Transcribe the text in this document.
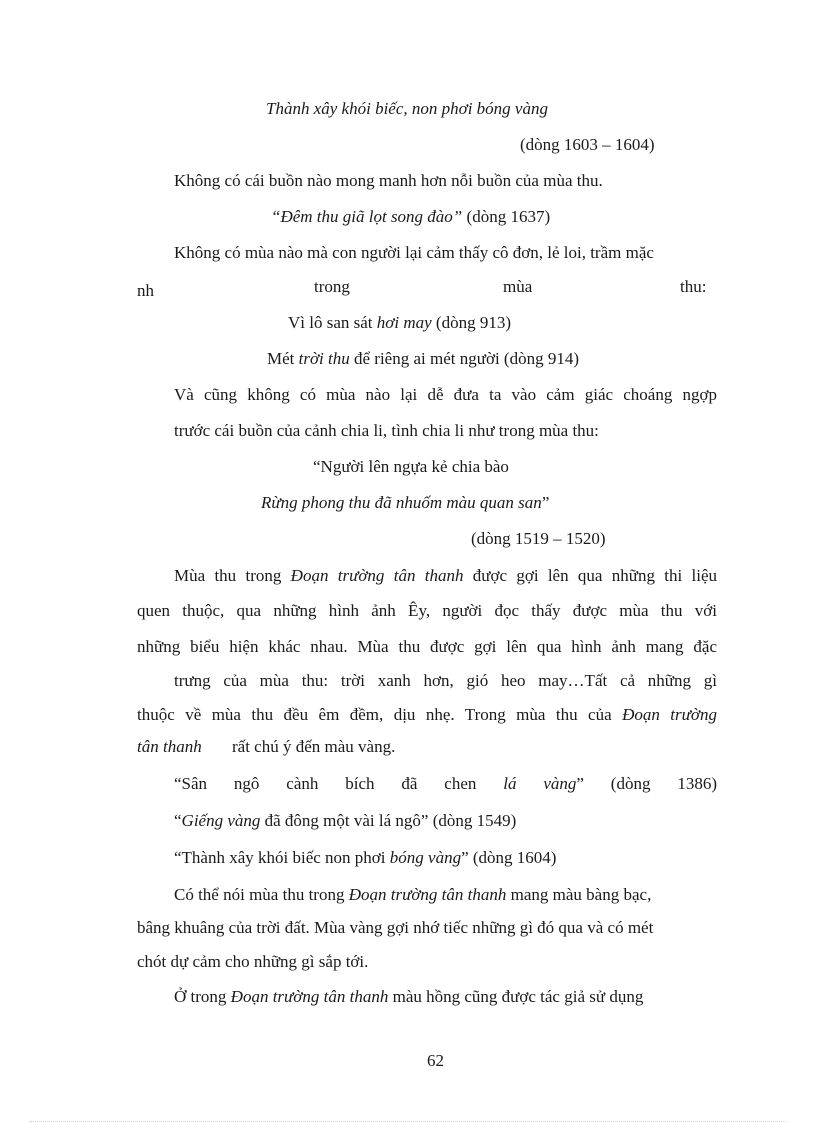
Thành xây khói biếc, non phơi bóng vàng
(dòng 1603 – 1604)
Không có cái buồn nào mong manh hơn nỗi buồn của mùa thu.
“Đêm thu giã lọt song đào” (dòng 1637)
Không có mùa nào mà con người lại cảm thấy cô đơn, lẻ loi, trầm mặc
nh	trong	mùa	thu:
Vì lô san sát hơi may (dòng 913)
Mét trời thu để riêng ai mét người (dòng 914)
Và cũng không có mùa nào lại dễ đưa ta vào cảm giác choáng ngợp
trước cái buồn của cảnh chia li, tình chia li như trong mùa thu:
“Người lên ngựa kẻ chia bào
Rừng phong thu đã nhuốm màu quan san”
(dòng 1519 – 1520)
Mùa thu trong Đoạn trường tân thanh được gợi lên qua những thi liệu
quen thuộc, qua những hình ảnh Êy, người đọc thấy được mùa thu với
những biểu hiện khác nhau. Mùa thu được gợi lên qua hình ảnh mang đặc
trưng của mùa thu: trời xanh hơn, gió heo may…Tất cả những gì
thuộc về mùa thu đều êm đềm, dịu nhẹ. Trong mùa thu của Đoạn trường
tân thanh rất chú ý đến màu vàng.
“Sân ngô cành bích đã chen lá vàng” (dòng 1386)
“Giếng vàng đã đông một vài lá ngô” (dòng 1549)
“Thành xây khói biếc non phơi bóng vàng” (dòng 1604)
Có thể nói mùa thu trong Đoạn trường tân thanh mang màu bàng bạc,
bâng khuâng của trời đất. Mùa vàng gợi nhớ tiếc những gì đó qua và có mét
chót dự cảm cho những gì sắp tới.
Ở trong Đoạn trường tân thanh màu hồng cũng được tác giả sử dụng
62
